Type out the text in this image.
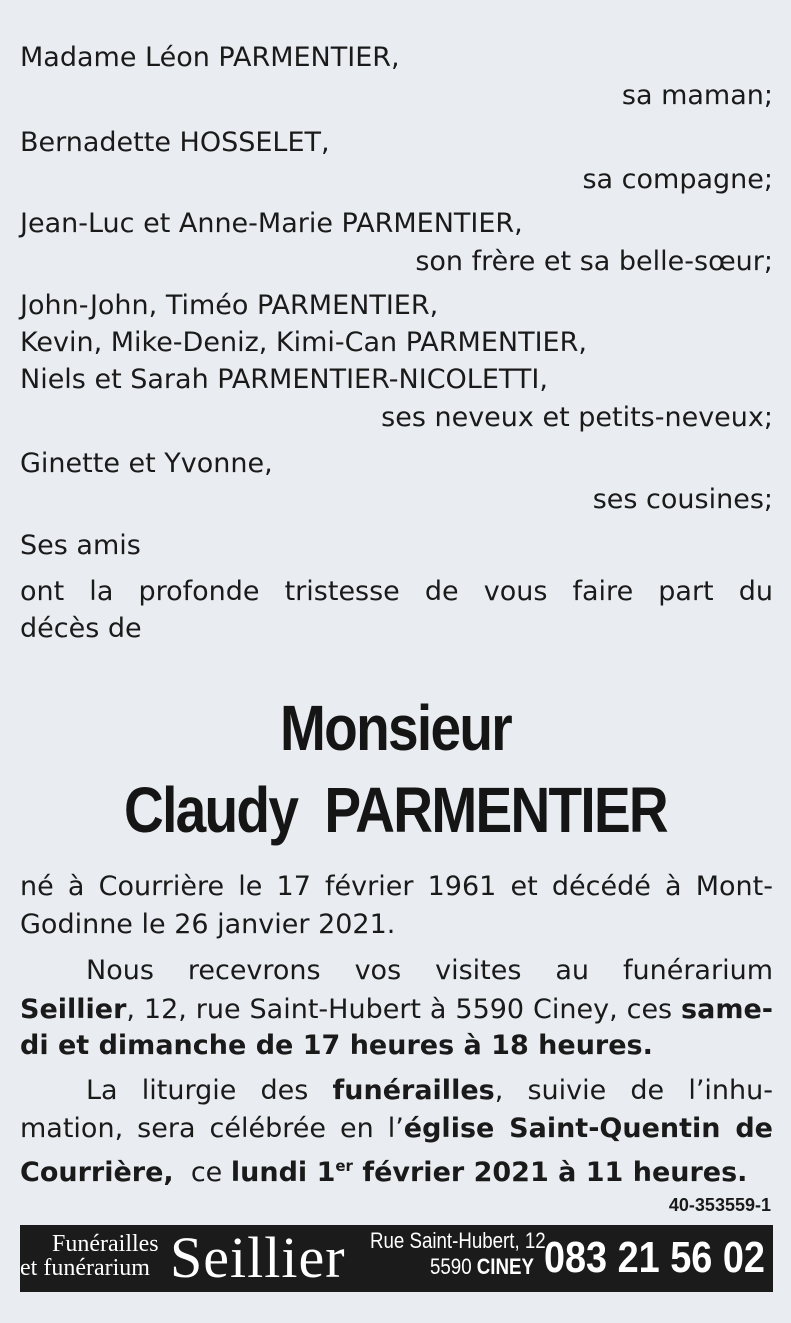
Madame Léon PARMENTIER,
sa maman;
Bernadette HOSSELET,
sa compagne;
Jean-Luc et Anne-Marie PARMENTIER,
son frère et sa belle-sœur;
John-John, Timéo PARMENTIER,
Kevin, Mike-Deniz, Kimi-Can PARMENTIER,
Niels et Sarah PARMENTIER-NICOLETTI,
ses neveux et petits-neveux;
Ginette et Yvonne,
ses cousines;
Ses amis
ont la profonde tristesse de vous faire part du
décès de
Monsieur
Claudy  PARMENTIER
né à Courrière le 17 février 1961 et décédé à Mont-
Godinne le 26 janvier 2021.
Nous recevrons vos visites au funérarium
Seillier, 12, rue Saint-Hubert à 5590 Ciney, ces same-
di et dimanche de 17 heures à 18 heures.
La liturgie des funérailles, suivie de l’inhu-
mation, sera célébrée en l’église Saint-Quentin de
Courrière,  ce lundi 1er février 2021 à 11 heures.
40-353559-1
Funérailles
et funérarium Seillier Rue Saint-Hubert, 12
5590 CINEY 083 21 56 02
